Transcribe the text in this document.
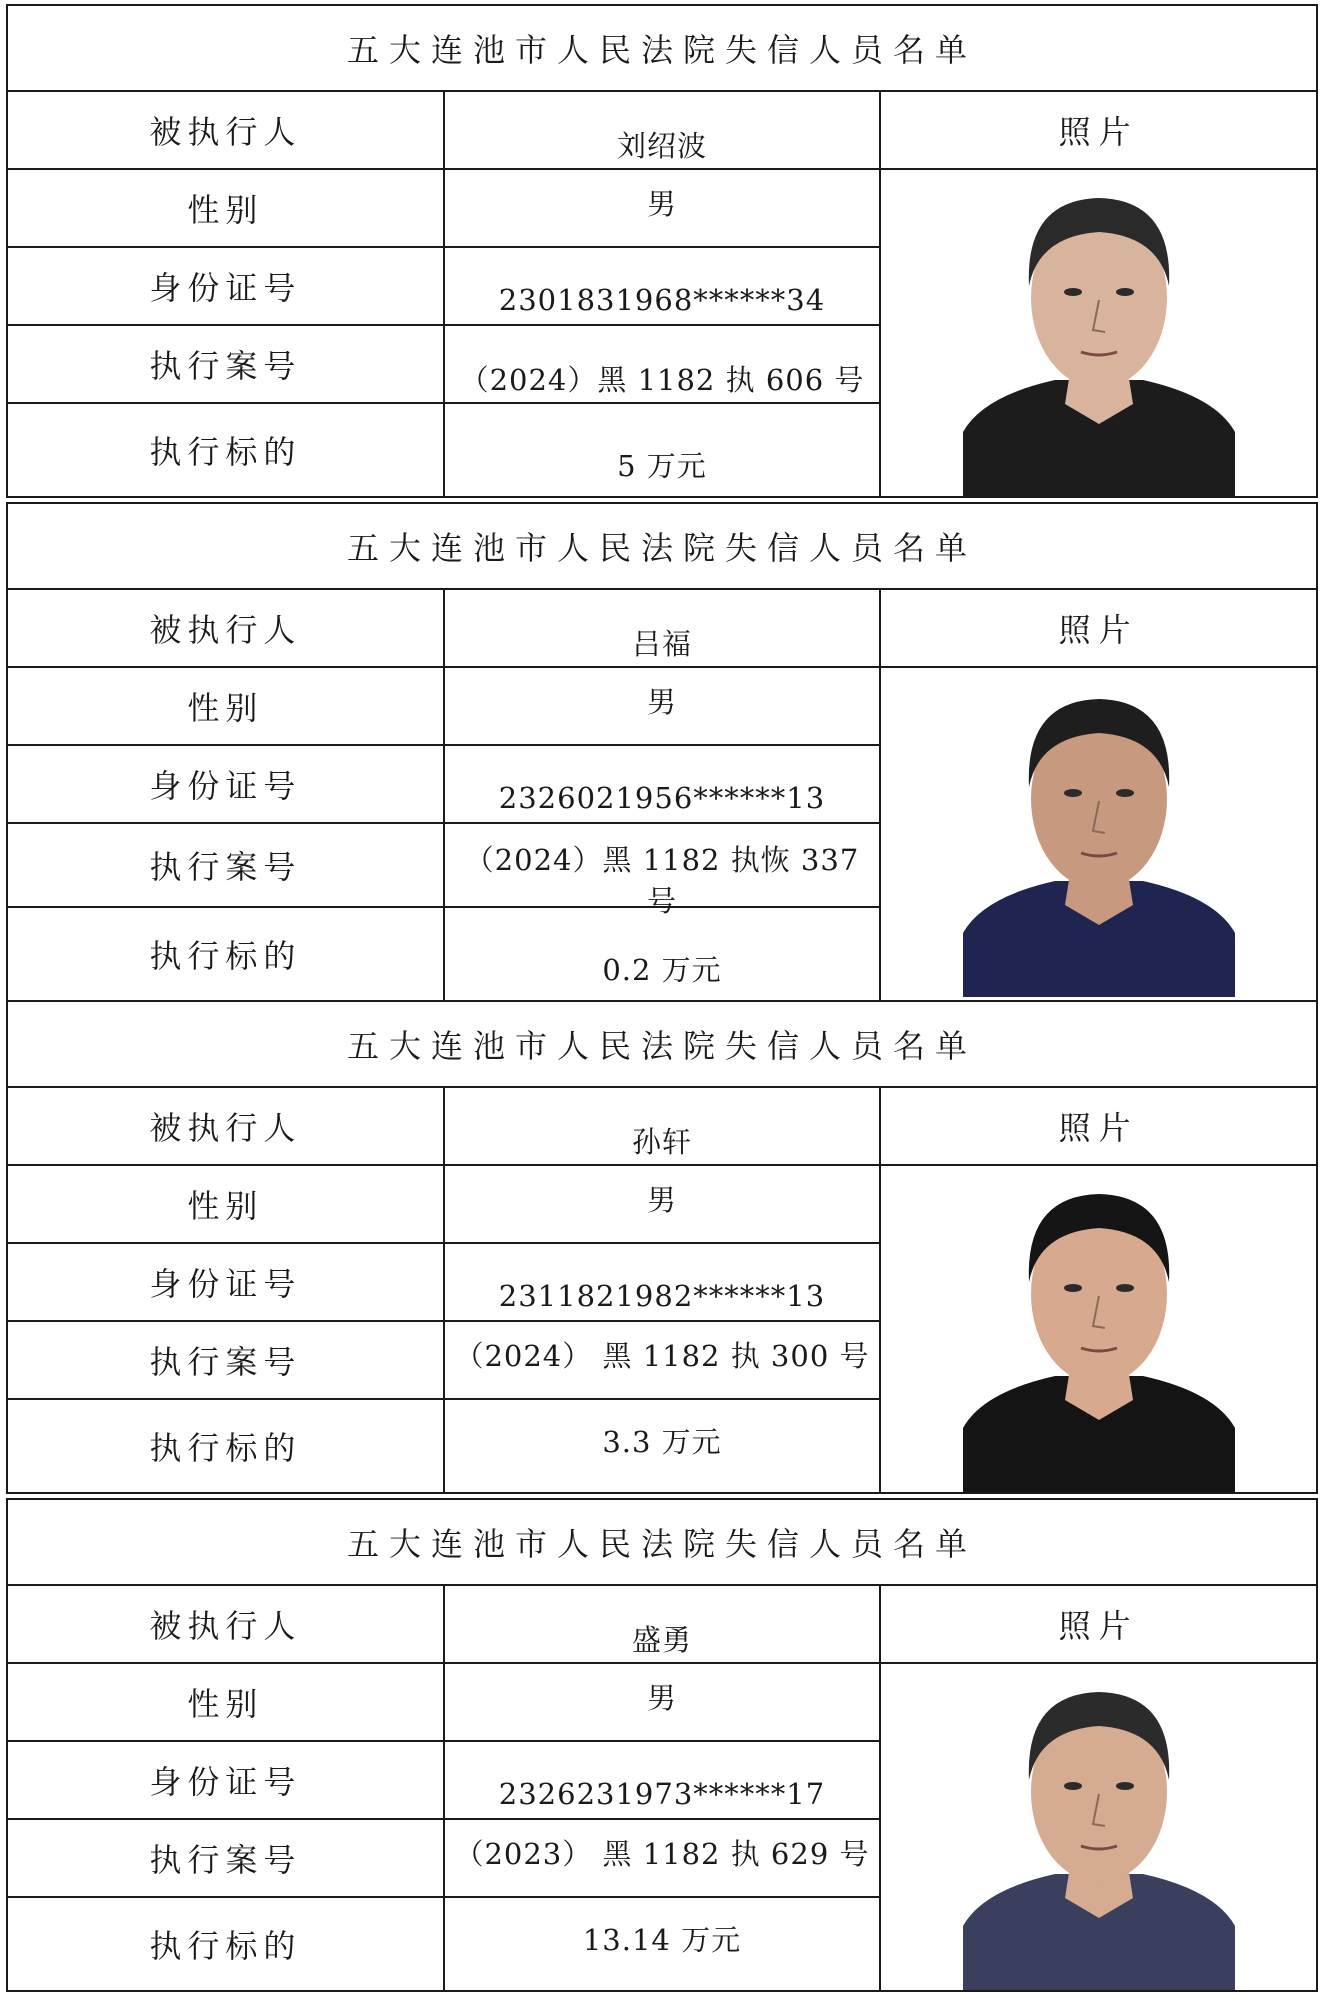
五大连池市人民法院失信人员名单		
被执行人	刘绍波	照片
性别	男	

身份证号	2301831968******34	
执行案号	（2024）黑 1182 执 606 号	
执行标的	5 万元	
五大连池市人民法院失信人员名单		
被执行人	吕福	照片
性别	男	

身份证号	2326021956******13	
执行案号	（2024）黑 1182 执恢 337 号	
执行标的	0.2 万元	
五大连池市人民法院失信人员名单		
被执行人	孙轩	照片
性别	男	

身份证号	2311821982******13	
执行案号	（2024） 黑 1182 执 300 号	
执行标的	3.3 万元	
五大连池市人民法院失信人员名单		
被执行人	盛勇	照片
性别	男	

身份证号	2326231973******17	
执行案号	（2023） 黑 1182 执 629 号	
执行标的	13.14 万元	
